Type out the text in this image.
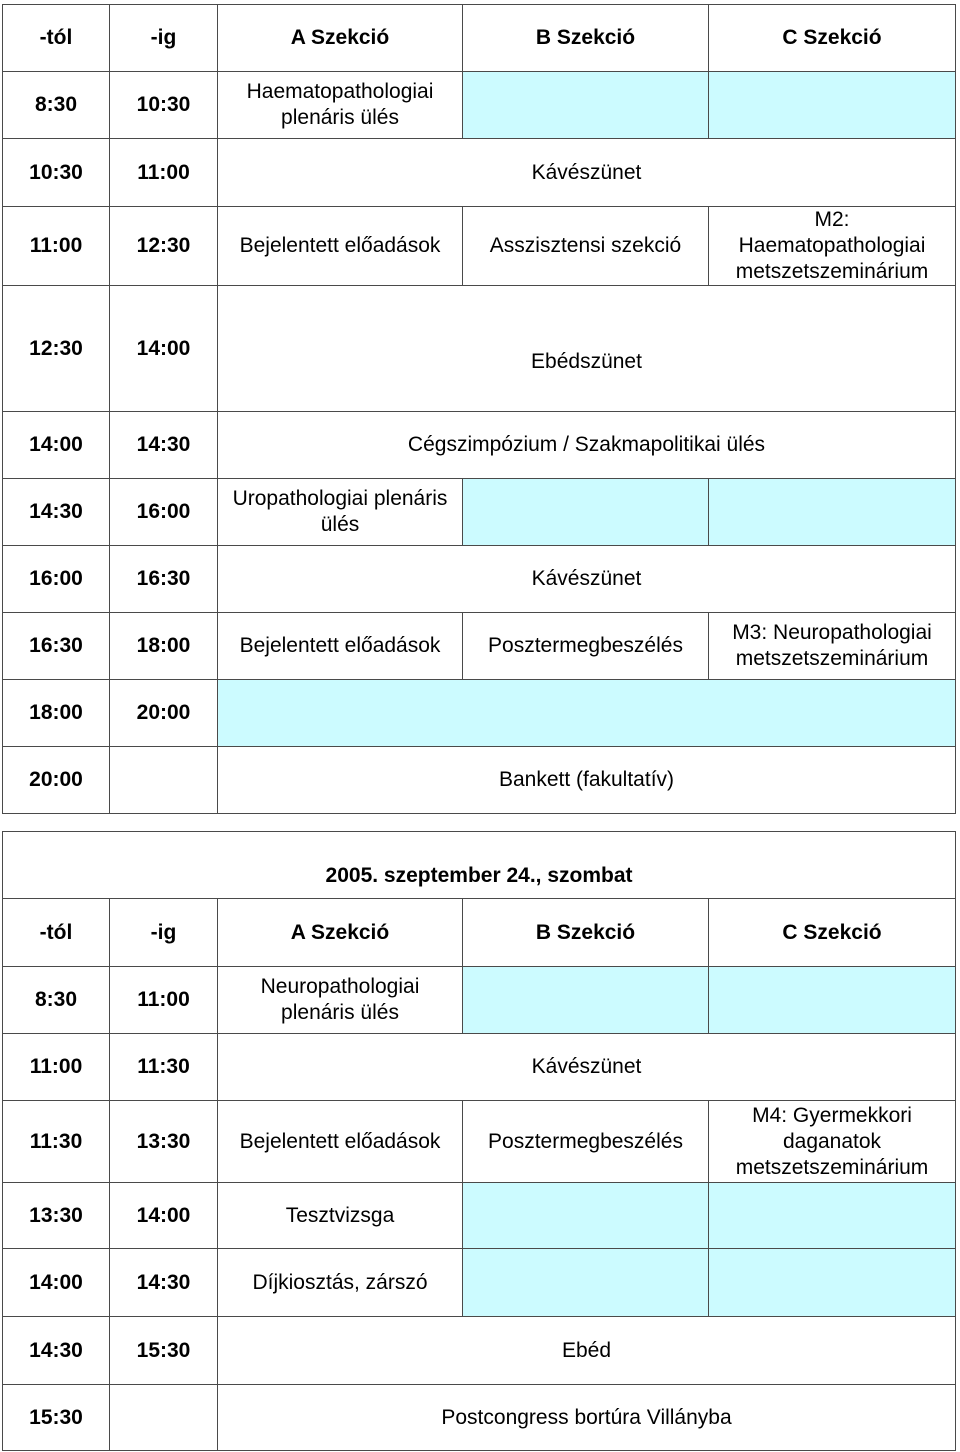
-tól	-ig	A Szekció	B Szekció	C Szekció
8:30	10:30	Haematopathologiai
plenáris ülés		

10:30	11:00	Kávészünet		
11:00	12:30	Bejelentett előadások	Asszisztensi szekció	M2:
Haematopathologiai
metszetszeminárium

12:30	14:00	Ebédszünet		
14:00	14:30	Cégszimpózium / Szakmapolitikai ülés		
14:30	16:00	Uropathologiai plenáris
ülés		

16:00	16:30	Kávészünet		
16:30	18:00	Bejelentett előadások	Posztermegbeszélés	M3: Neuropathologiai
metszetszeminárium

18:00	20:00			
20:00		Bankett (fakultatív)		
2005. szeptember 24., szombat				
-tól	-ig	A Szekció	B Szekció	C Szekció
8:30	11:00	Neuropathologiai
plenáris ülés		

11:00	11:30	Kávészünet		
11:30	13:30	Bejelentett előadások	Posztermegbeszélés	M4: Gyermekkori
daganatok
metszetszeminárium

13:30	14:00	Tesztvizsga		
14:00	14:30	Díjkiosztás, zárszó		
14:30	15:30	Ebéd		
15:30		Postcongress bortúra Villányba		
